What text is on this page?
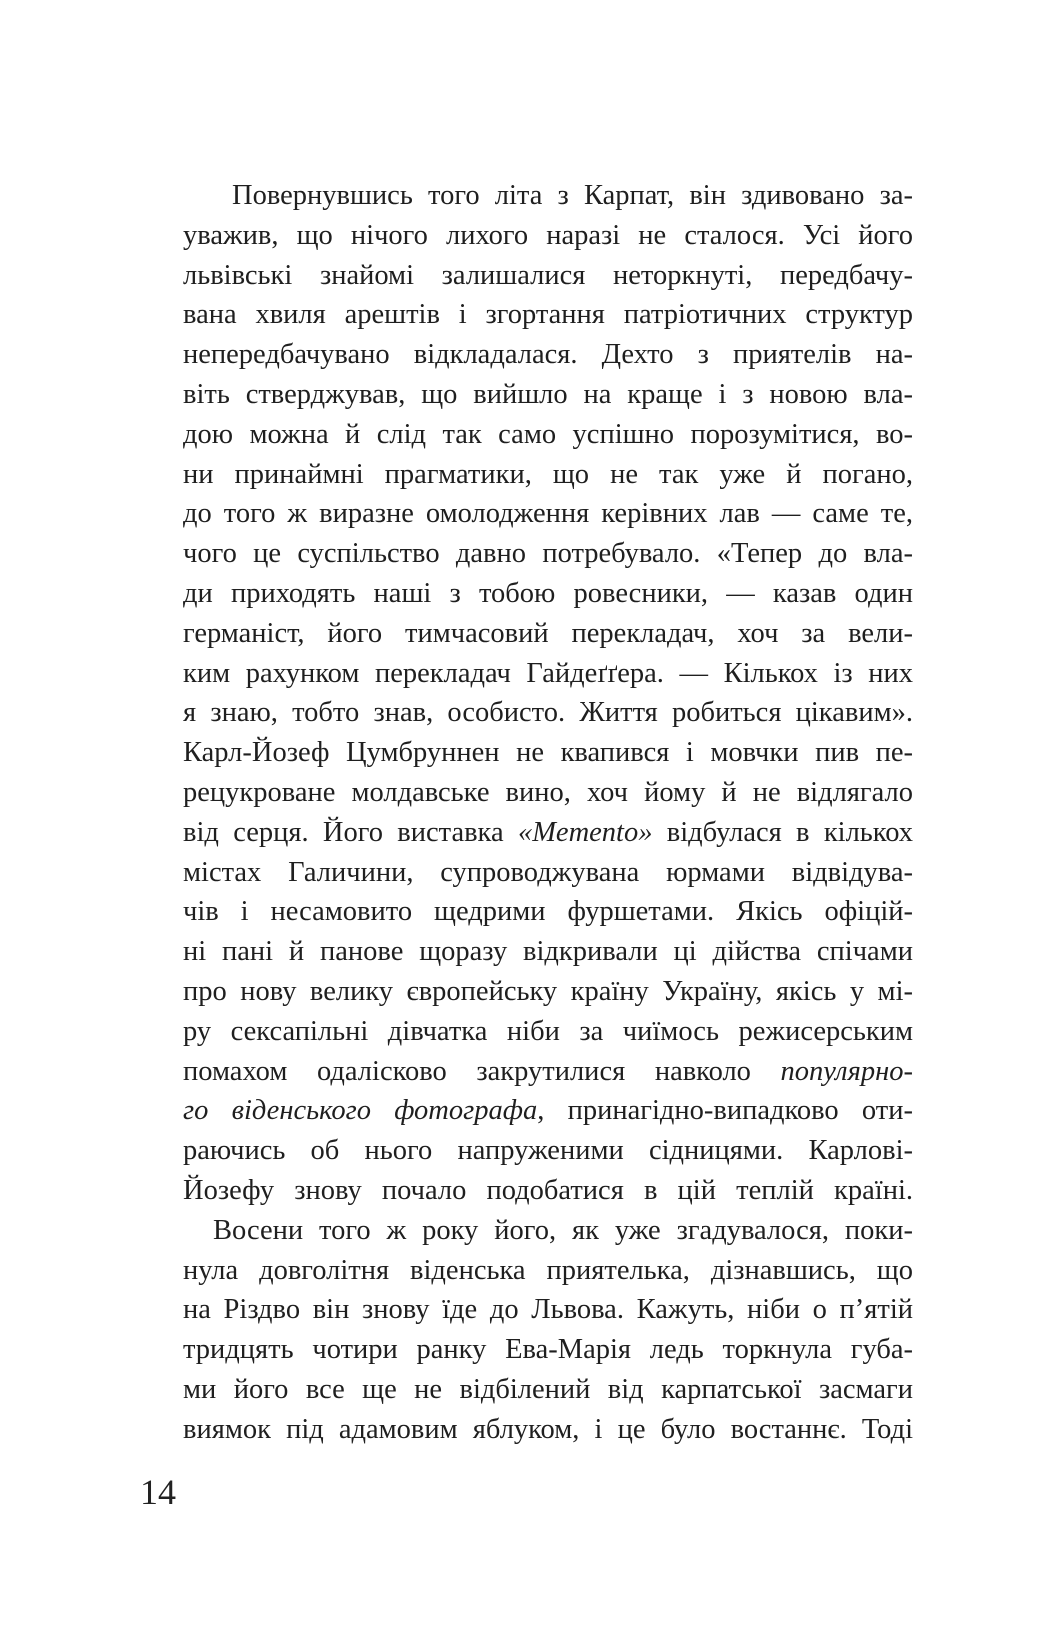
Повернувшись того літа з Карпат, він здивовано за-
уважив, що нічого лихого наразі не сталося. Усі його
львівські знайомі залишалися неторкнуті, передбачу-
вана хвиля арештів і згортання патріотичних структур
непередбачувано відкладалася. Дехто з приятелів на-
віть стверджував, що вийшло на краще і з новою вла-
дою можна й слід так само успішно порозумітися, во-
ни принаймні прагматики, що не так уже й погано,
до того ж виразне омолодження керівних лав — саме те,
чого це суспільство давно потребувало. «Тепер до вла-
ди приходять наші з тобою ровесники, — казав один
германіст, його тимчасовий перекладач, хоч за вели-
ким рахунком перекладач Гайдеґґера. — Кількох із них
я знаю, тобто знав, особисто. Життя робиться цікавим».
Карл-Йозеф Цумбруннен не квапився і мовчки пив пе-
рецукроване молдавське вино, хоч йому й не відлягало
від серця. Його виставка «Memento» відбулася в кількох
містах Галичини, супроводжувана юрмами відвідува-
чів і несамовито щедрими фуршетами. Якісь офіцій-
ні пані й панове щоразу відкривали ці дійства спічами
про нову велику європейську країну Україну, якісь у мі-
ру сексапільні дівчатка ніби за чиїмось режисерським
помахом одалісково закрутилися навколо популярно-
го віденського фотографа, принагідно-випадково оти-
раючись об нього напруженими сідницями. Карлові-
Йозефу знову почало подобатися в цій теплій країні.
Восени того ж року його, як уже згадувалося, поки-
нула довголітня віденська приятелька, дізнавшись, що
на Різдво він знову їде до Львова. Кажуть, ніби о п’ятій
тридцять чотири ранку Ева-Марія ледь торкнула губа-
ми його все ще не відбілений від карпатської засмаги
виямок під адамовим яблуком, і це було востаннє. Тоді
14
